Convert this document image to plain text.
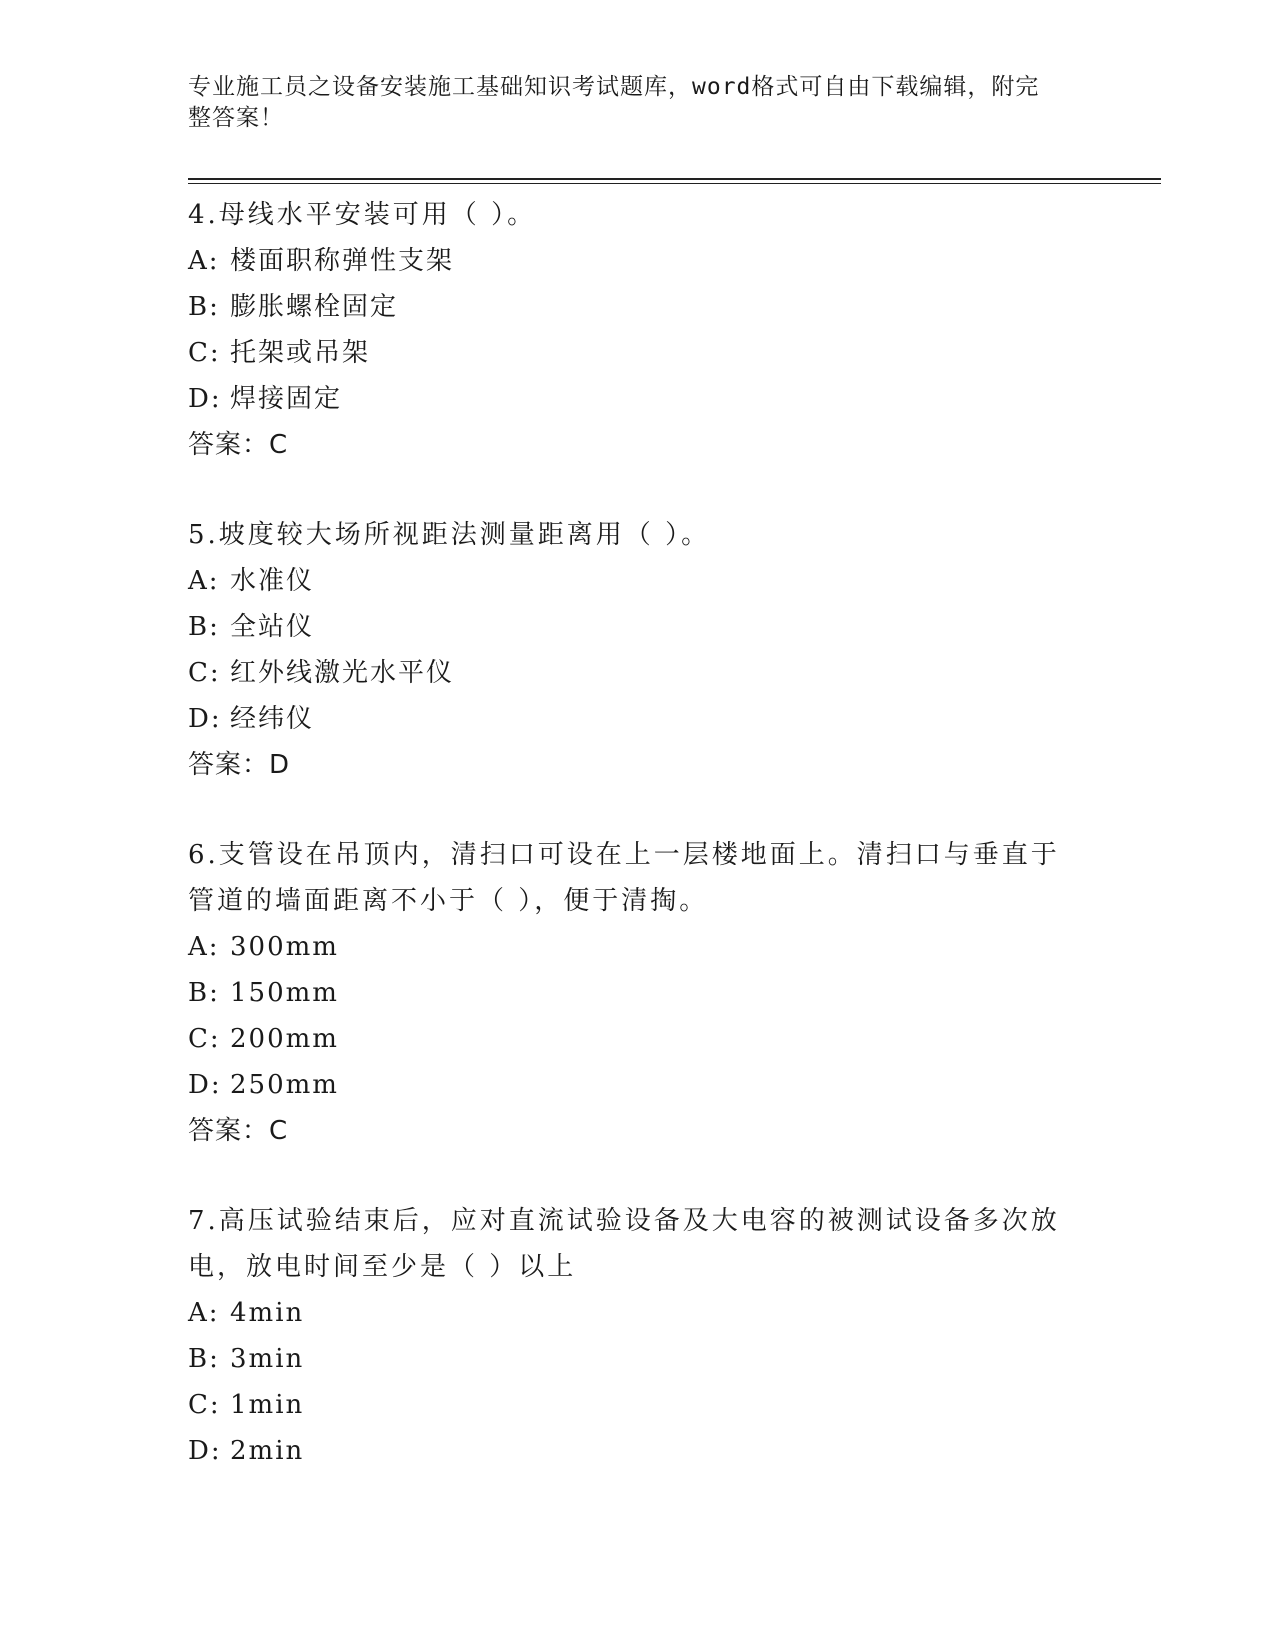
专业施工员之设备安装施工基础知识考试题库，word格式可自由下载编辑，附完
整答案！
4.母线水平安装可用（ ）。
A: 楼面职称弹性支架
B: 膨胀螺栓固定
C: 托架或吊架
D: 焊接固定
答案：C
5.坡度较大场所视距法测量距离用（ ）。
A: 水准仪
B: 全站仪
C: 红外线激光水平仪
D: 经纬仪
答案：D
6.支管设在吊顶内，清扫口可设在上一层楼地面上。清扫口与垂直于
管道的墙面距离不小于（ ），便于清掏。
A: 300mm
B: 150mm
C: 200mm
D: 250mm
答案：C
7.高压试验结束后，应对直流试验设备及大电容的被测试设备多次放
电，放电时间至少是（ ）以上
A: 4min
B: 3min
C: 1min
D: 2min
